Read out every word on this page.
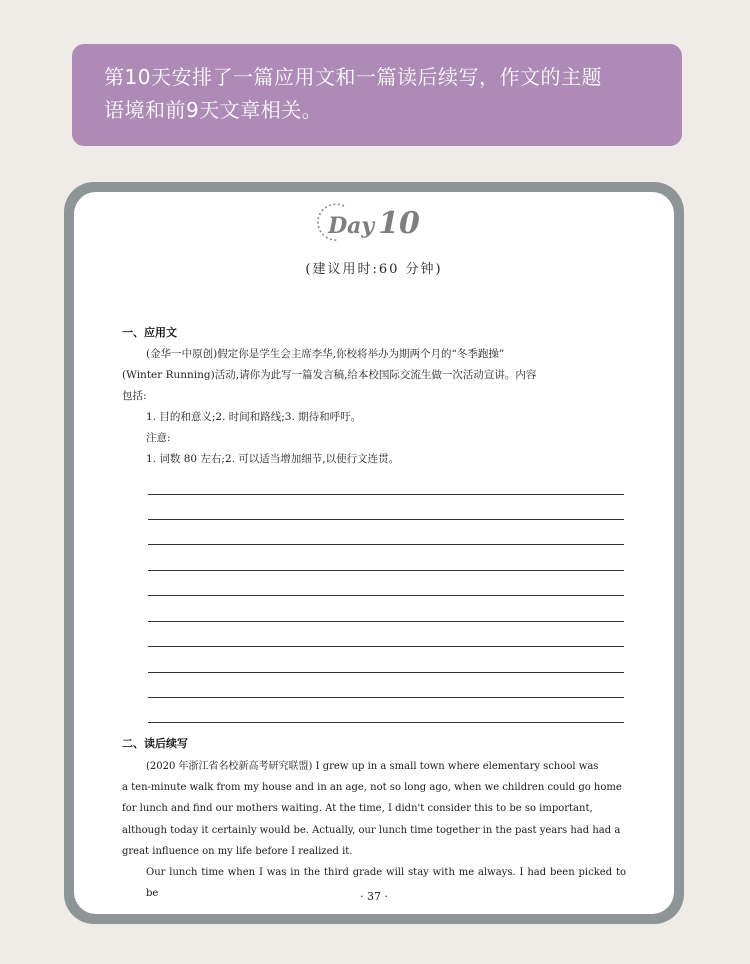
第10天安排了一篇应用文和一篇读后续写，作文的主题
语境和前9天文章相关。
Day 10
(建议用时:60 分钟)
一、应用文
(金华一中原创)假定你是学生会主席李华,你校将举办为期两个月的“冬季跑操”
(Winter Running)活动,请你为此写一篇发言稿,给本校国际交流生做一次活动宣讲。内容
包括:
1. 目的和意义;2. 时间和路线;3. 期待和呼吁。
注意:
1. 词数 80 左右;2. 可以适当增加细节,以使行文连贯。
二、读后续写
(2020 年浙江省名校新高考研究联盟) I grew up in a small town where elementary school was
a ten-minute walk from my house and in an age, not so long ago, when we children could go home
for lunch and find our mothers waiting. At the time, I didn't consider this to be so important,
although today it certainly would be. Actually, our lunch time together in the past years had had a
great influence on my life before I realized it.
Our lunch time when I was in the third grade will stay with me always. I had been picked to be	· 37 ·
